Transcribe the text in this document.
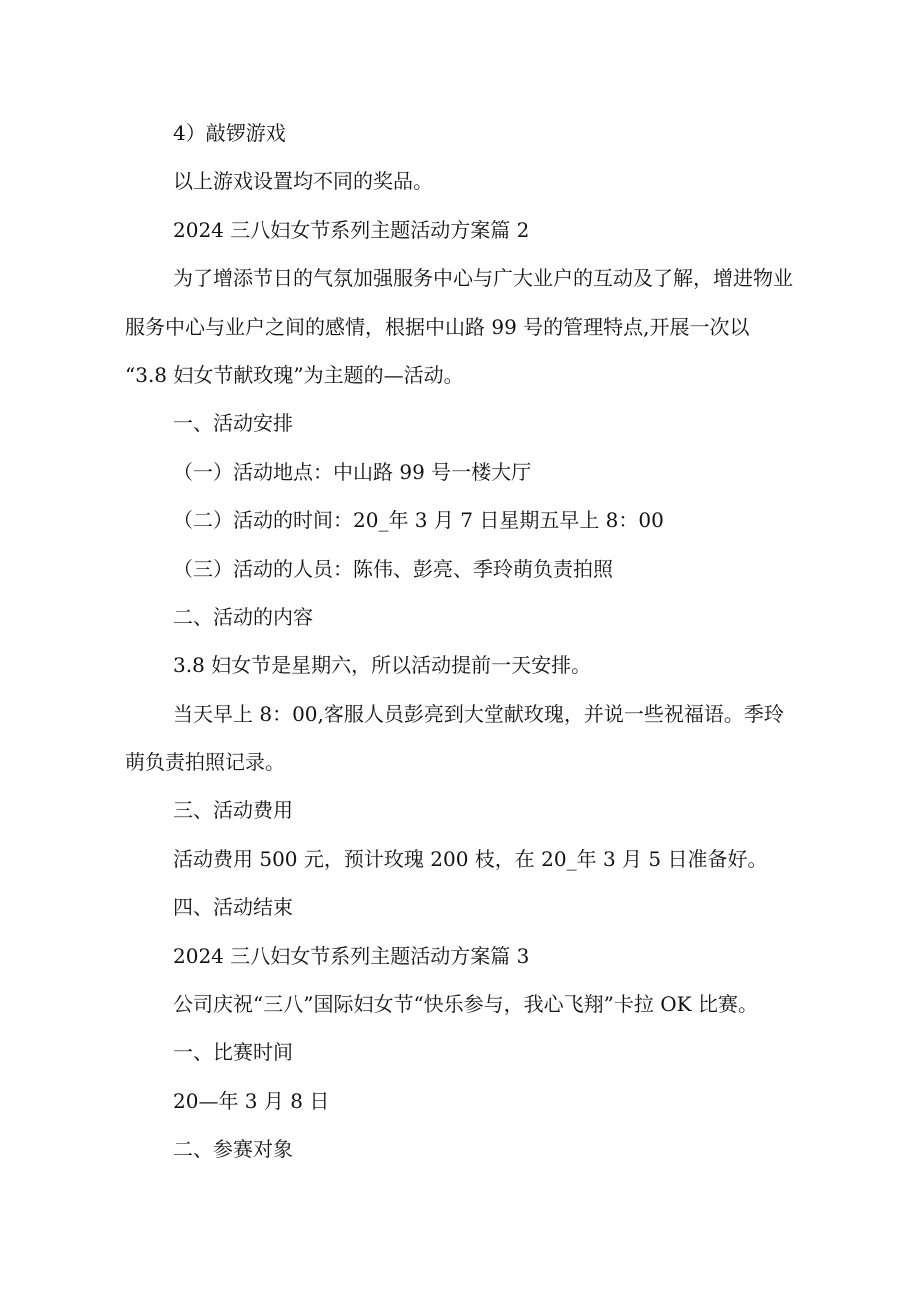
4）敲锣游戏
以上游戏设置均不同的奖品。
2024 三八妇女节系列主题活动方案篇 2
为了增添节日的气氛加强服务中心与广大业户的互动及了解，增进物业
服务中心与业户之间的感情，根据中山路 99 号的管理特点,开展一次以
“3.8 妇女节献玫瑰”为主题的—活动。
一、活动安排
（一）活动地点：中山路 99 号一楼大厅
（二）活动的时间：20_年 3 月 7 日星期五早上 8：00
（三）活动的人员：陈伟、彭亮、季玲萌负责拍照
二、活动的内容
3.8 妇女节是星期六，所以活动提前一天安排。
当天早上 8：00,客服人员彭亮到大堂献玫瑰，并说一些祝福语。季玲
萌负责拍照记录。
三、活动费用
活动费用 500 元，预计玫瑰 200 枝，在 20_年 3 月 5 日准备好。
四、活动结束
2024 三八妇女节系列主题活动方案篇 3
公司庆祝“三八”国际妇女节“快乐参与，我心飞翔”卡拉 OK 比赛。
一、比赛时间
20—年 3 月 8 日
二、参赛对象
